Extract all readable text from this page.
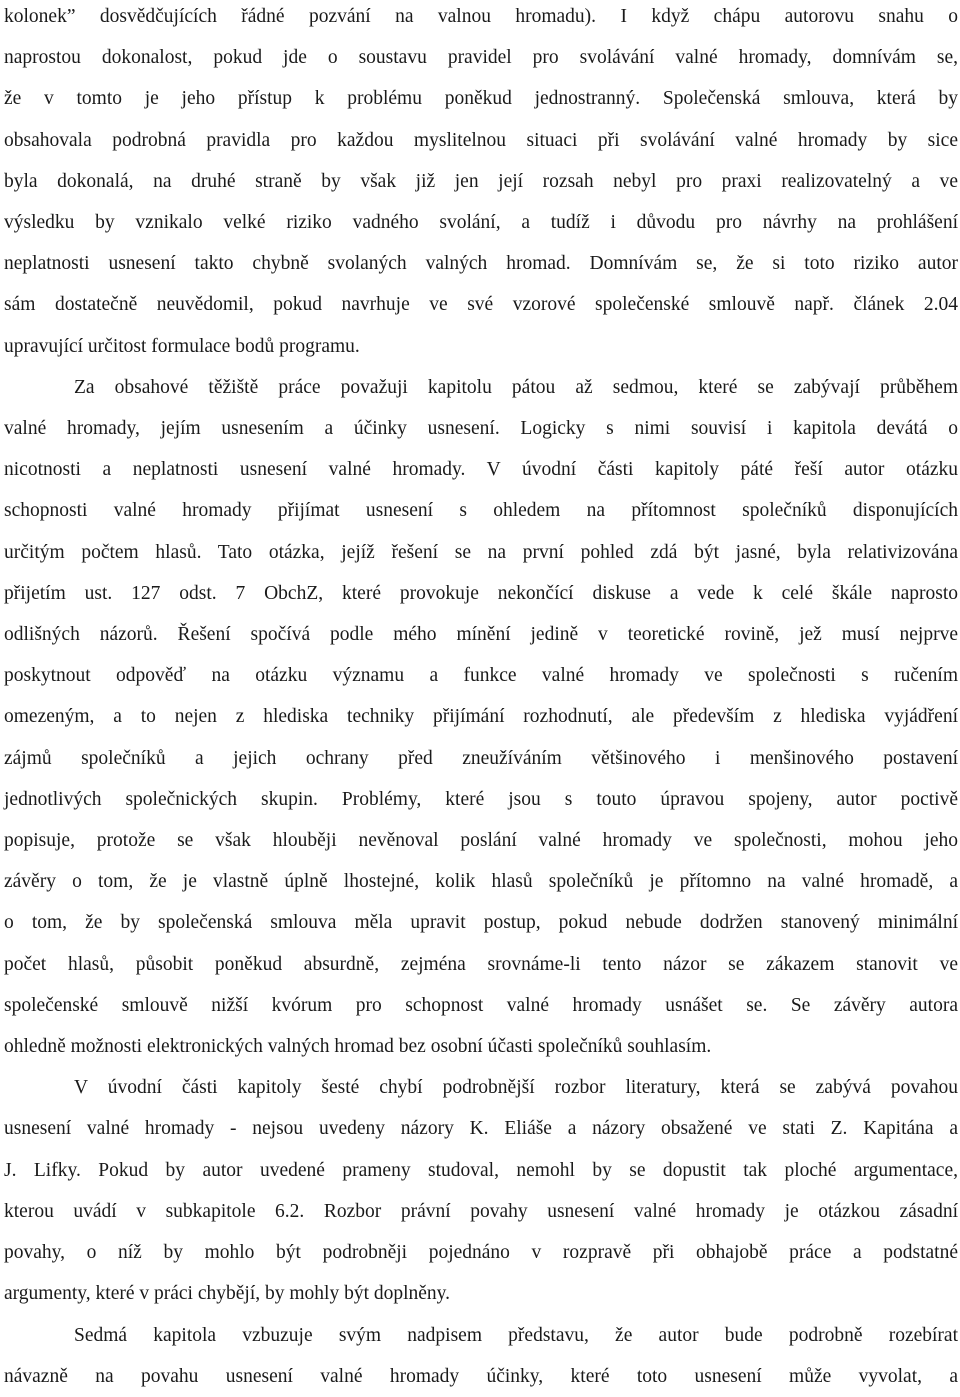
kolonek” dosvědčujících řádné pozvání na valnou hromadu). I když chápu autorovu snahu o
naprostou dokonalost, pokud jde o soustavu pravidel pro svolávání valné hromady, domnívám se,
že v tomto je jeho přístup k problému poněkud jednostranný. Společenská smlouva, která by
obsahovala podrobná pravidla pro každou myslitelnou situaci při svolávání valné hromady by sice
byla dokonalá, na druhé straně by však již jen její rozsah nebyl pro praxi realizovatelný a ve
výsledku by vznikalo velké riziko vadného svolání, a tudíž i důvodu pro návrhy na prohlášení
neplatnosti usnesení takto chybně svolaných valných hromad. Domnívám se, že si toto riziko autor
sám dostatečně neuvědomil, pokud navrhuje ve své vzorové společenské smlouvě např. článek 2.04
upravující určitost formulace bodů programu.

Za obsahové těžiště práce považuji kapitolu pátou až sedmou, které se zabývají průběhem
valné hromady, jejím usnesením a účinky usnesení. Logicky s nimi souvisí i kapitola devátá o
nicotnosti a neplatnosti usnesení valné hromady. V úvodní části kapitoly páté řeší autor otázku
schopnosti valné hromady přijímat usnesení s ohledem na přítomnost společníků disponujících
určitým počtem hlasů. Tato otázka, jejíž řešení se na první pohled zdá být jasné, byla relativizována
přijetím ust. 127 odst. 7 ObchZ, které provokuje nekončící diskuse a vede k celé škále naprosto
odlišných názorů. Řešení spočívá podle mého mínění jedině v teoretické rovině, jež musí nejprve
poskytnout odpověď na otázku významu a funkce valné hromady ve společnosti s ručením
omezeným, a to nejen z hlediska techniky přijímání rozhodnutí, ale především z hlediska vyjádření
zájmů společníků a jejich ochrany před zneužíváním většinového i menšinového postavení
jednotlivých společnických skupin. Problémy, které jsou s touto úpravou spojeny, autor poctivě
popisuje, protože se však hlouběji nevěnoval poslání valné hromady ve společnosti, mohou jeho
závěry o tom, že je vlastně úplně lhostejné, kolik hlasů společníků je přítomno na valné hromadě, a
o tom, že by společenská smlouva měla upravit postup, pokud nebude dodržen stanovený minimální
počet hlasů, působit poněkud absurdně, zejména srovnáme-li tento názor se zákazem stanovit ve
společenské smlouvě nižší kvórum pro schopnost valné hromady usnášet se. Se závěry autora
ohledně možnosti elektronických valných hromad bez osobní účasti společníků souhlasím.

V úvodní části kapitoly šesté chybí podrobnější rozbor literatury, která se zabývá povahou
usnesení valné hromady - nejsou uvedeny názory K. Eliáše a názory obsažené ve stati Z. Kapitána a
J. Lifky. Pokud by autor uvedené prameny studoval, nemohl by se dopustit tak ploché argumentace,
kterou uvádí v subkapitole 6.2. Rozbor právní povahy usnesení valné hromady je otázkou zásadní
povahy, o níž by mohlo být podrobněji pojednáno v rozpravě při obhajobě práce a podstatné
argumenty, které v práci chybějí, by mohly být doplněny.

Sedmá kapitola vzbuzuje svým nadpisem představu, že autor bude podrobně rozebírat
návazně na povahu usnesení valné hromady účinky, které toto usnesení může vyvolat, a
